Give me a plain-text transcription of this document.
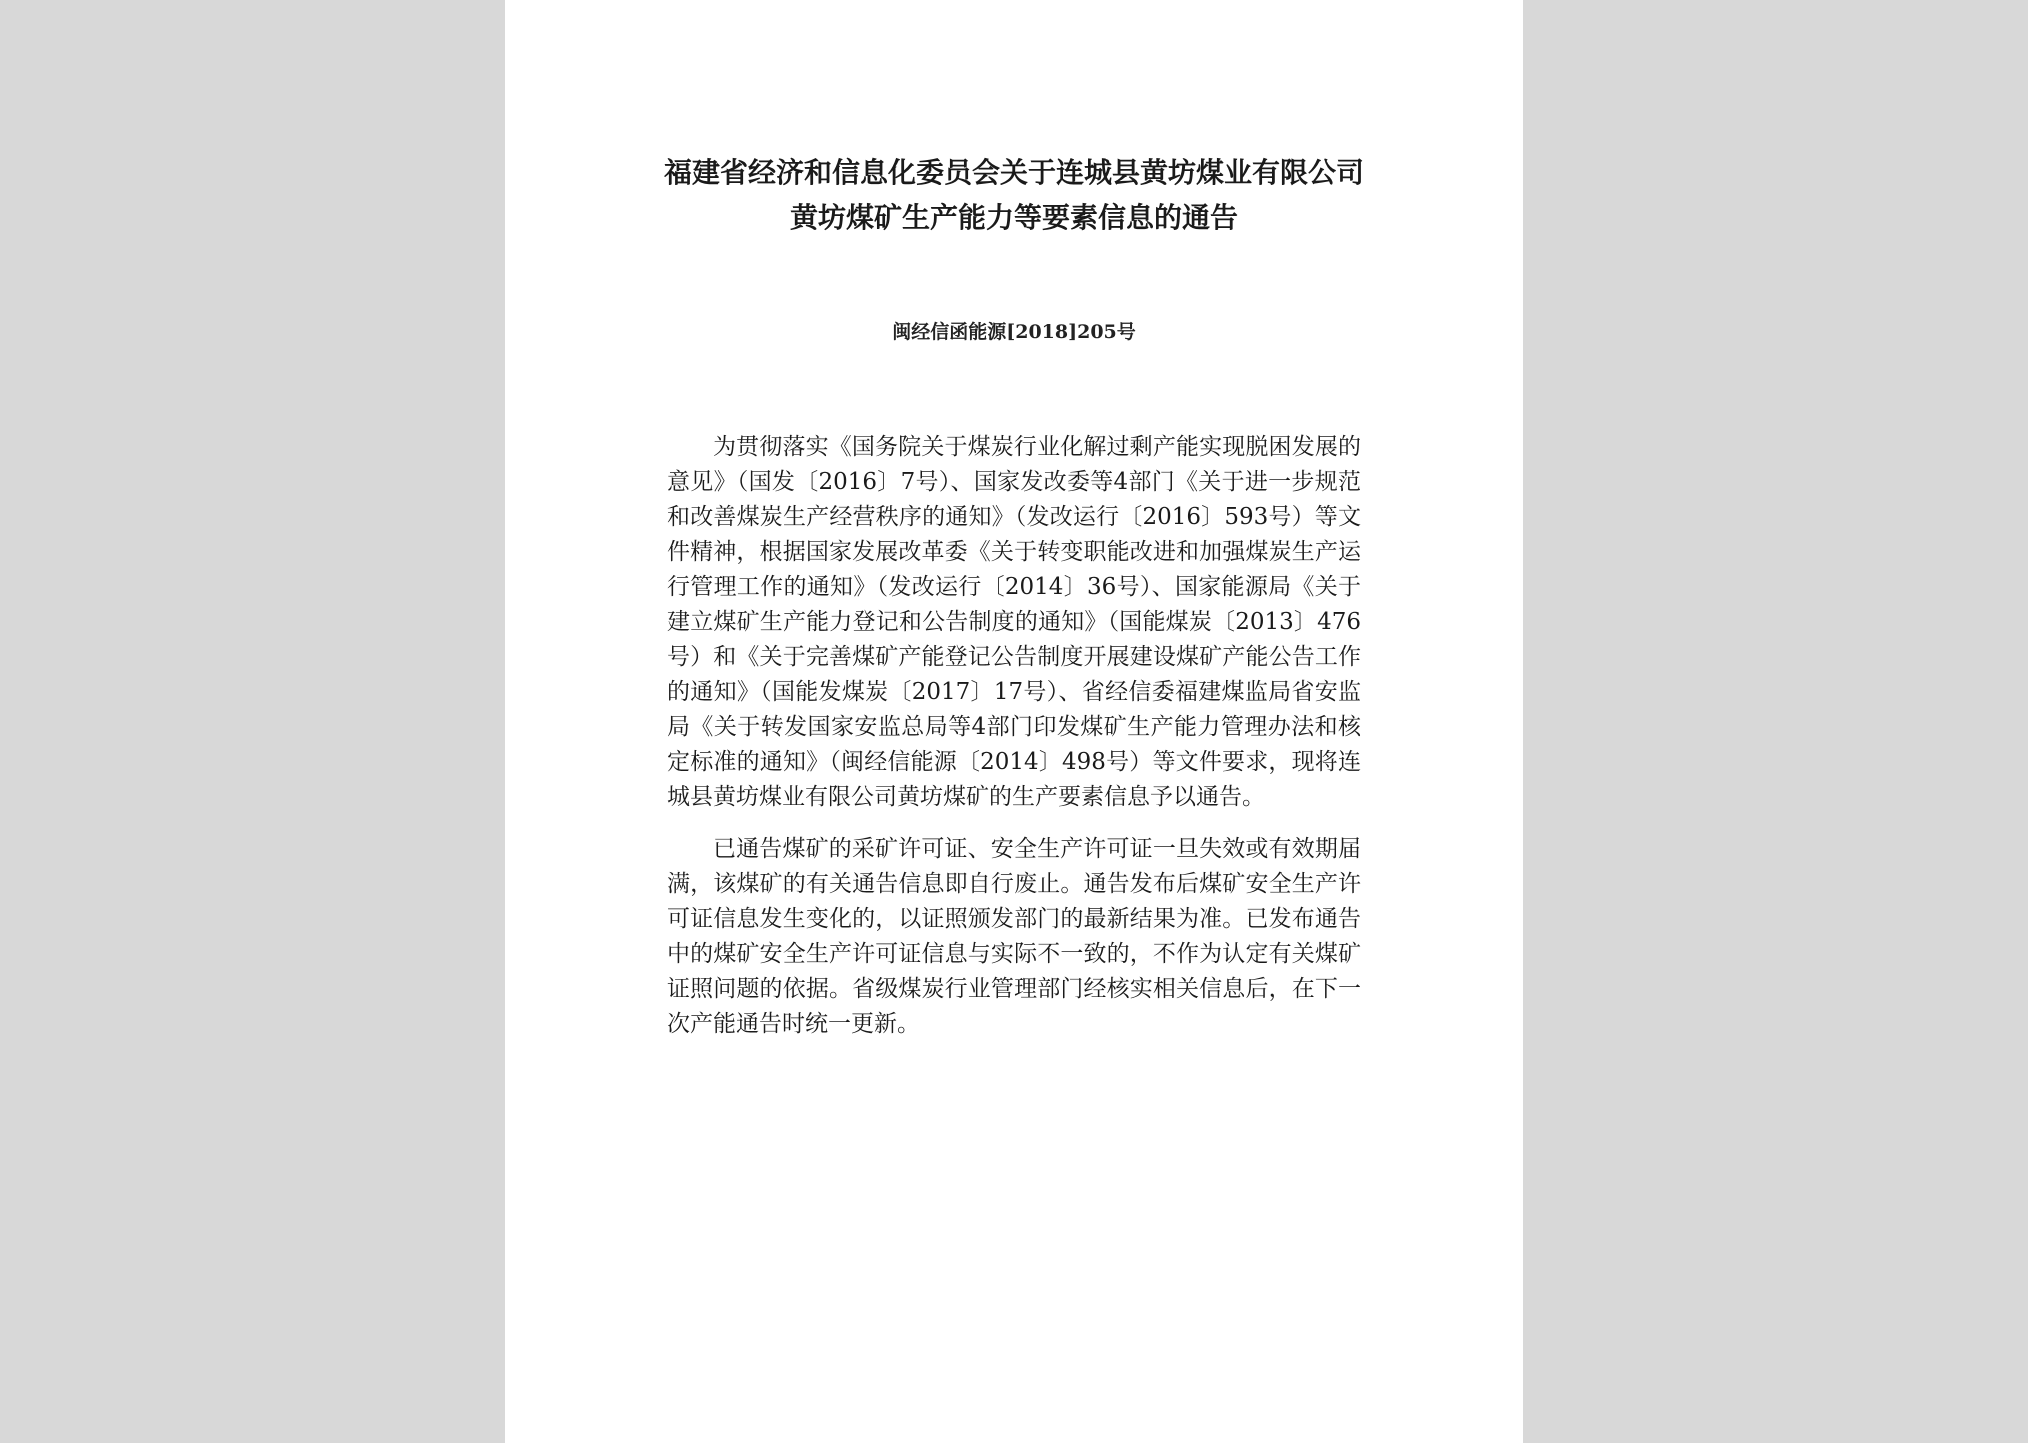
福建省经济和信息化委员会关于连城县黄坊煤业有限公司黄坊煤矿生产能力等要素信息的通告
闽经信函能源[2018]205号

为贯彻落实《国务院关于煤炭行业化解过剩产能实现脱困发展的意见》（国发〔2016〕7号）、国家发改委等4部门《关于进一步规范和改善煤炭生产经营秩序的通知》（发改运行〔2016〕593号）等文件精神，根据国家发展改革委《关于转变职能改进和加强煤炭生产运行管理工作的通知》（发改运行〔2014〕36号）、国家能源局《关于建立煤矿生产能力登记和公告制度的通知》（国能煤炭〔2013〕476号）和《关于完善煤矿产能登记公告制度开展建设煤矿产能公告工作的通知》（国能发煤炭〔2017〕17号）、省经信委福建煤监局省安监局《关于转发国家安监总局等4部门印发煤矿生产能力管理办法和核定标准的通知》（闽经信能源〔2014〕498号）等文件要求，现将连城县黄坊煤业有限公司黄坊煤矿的生产要素信息予以通告。

已通告煤矿的采矿许可证、安全生产许可证一旦失效或有效期届满，该煤矿的有关通告信息即自行废止。通告发布后煤矿安全生产许可证信息发生变化的，以证照颁发部门的最新结果为准。已发布通告中的煤矿安全生产许可证信息与实际不一致的，不作为认定有关煤矿证照问题的依据。省级煤炭行业管理部门经核实相关信息后，在下一次产能通告时统一更新。
